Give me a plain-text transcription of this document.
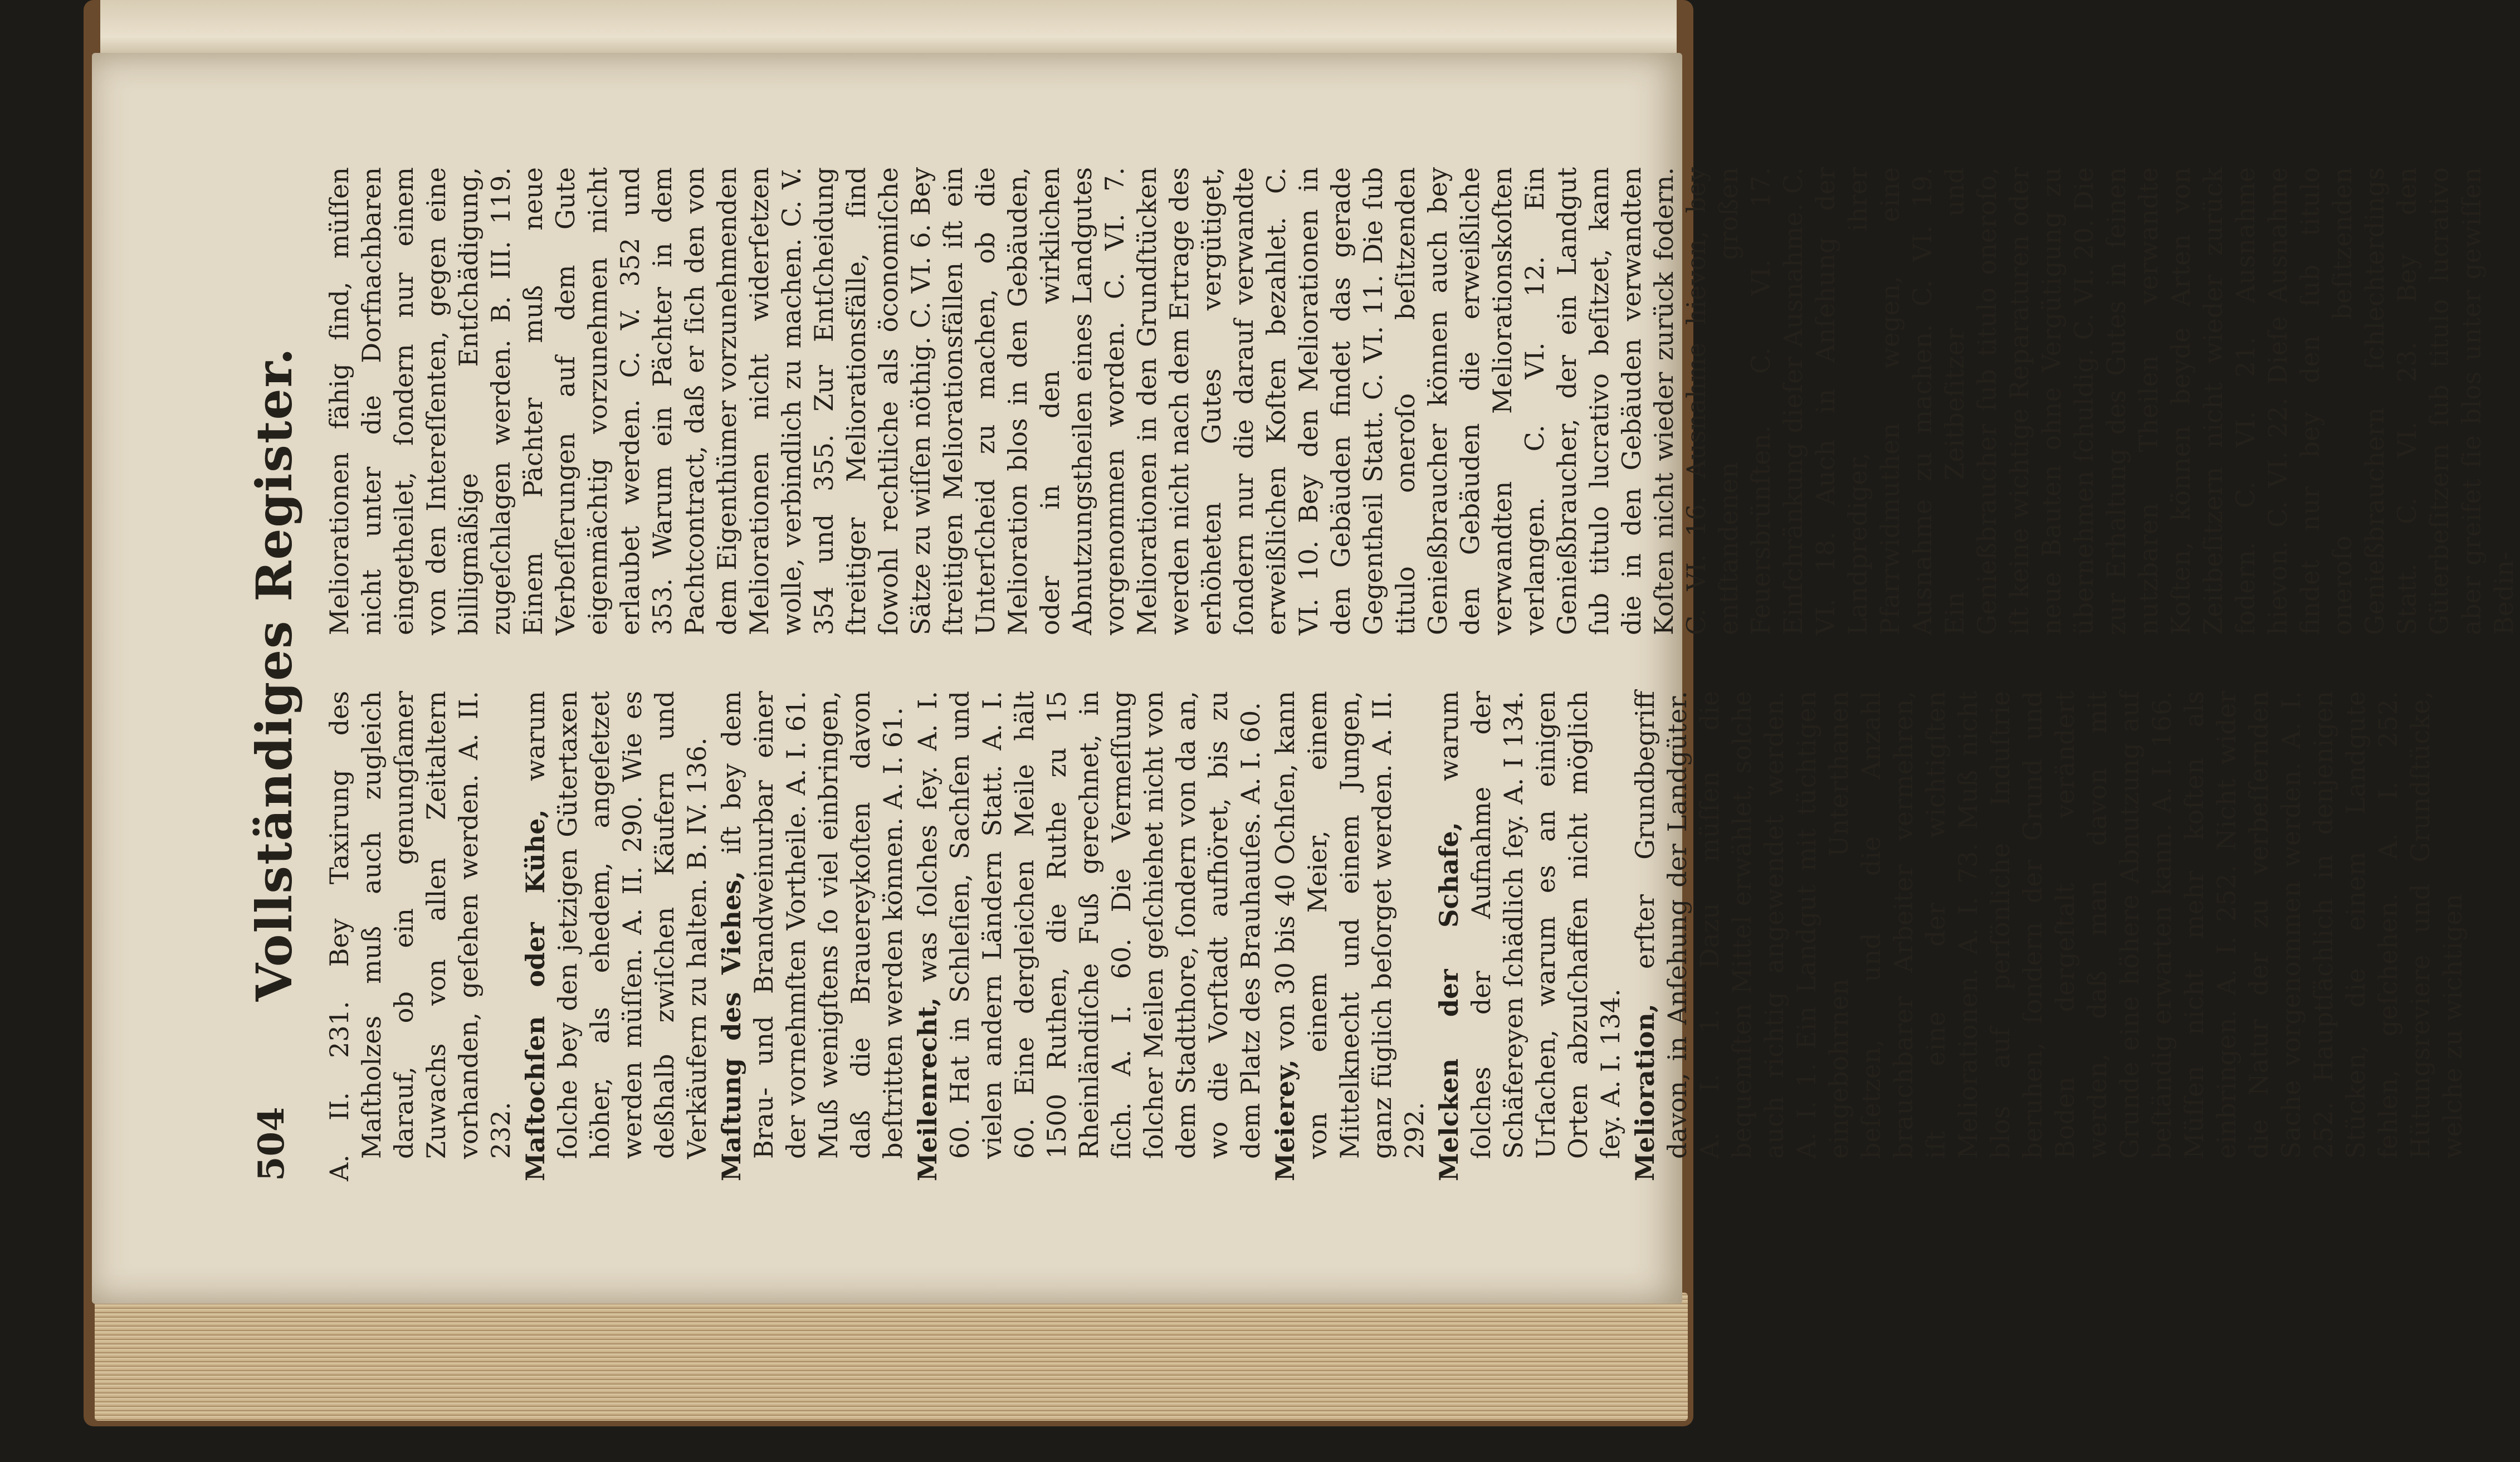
504
Vollständiges Register. A. II. 231. Bey Taxirung des Maſtholzes muß auch zugleich darauf, ob ein genungſamer Zuwachs von allen Zeitaltern vorhanden, geſehen werden. A. II. 232. Maſtochſen oder Kühe, warum ſolche bey den jetzigen Gütertaxen höher, als ehedem, angeſetzet werden müſſen. A. II. 290. Wie es deßhalb zwiſchen Käufern und Verkäufern zu halten. B. IV. 136. Maſtung des Viehes, iſt bey dem Brau- und Brandweinurbar einer der vornehmſten Vortheile. A. I. 61. Muß wenigſtens ſo viel einbringen, daß die Brauereykoſten davon beſtritten werden können. A. I. 61. Meilenrecht, was ſolches ſey. A. I. 60. Hat in Schleſien, Sachſen und vielen andern Ländern Statt. A. I. 60. Eine dergleichen Meile hält 1500 Ruthen, die Ruthe zu 15 Rheinländiſche Fuß gerechnet, in ſich. A. I. 60. Die Vermeſſung ſolcher Meilen geſchiehet nicht von dem Stadtthore, ſondern von da an, wo die Vorſtadt aufhöret, bis zu dem Platz des Brauhauſes. A. I. 60. Meierey, von 30 bis 40 Ochſen, kann von einem Meier, einem Mittelknecht und einem Jungen, ganz füglich beſorget werden. A. II. 292. Melcken der Schafe, warum ſolches der Aufnahme der Schäfereyen ſchädlich ſey. A. I 134. Urſachen, warum es an einigen Orten abzuſchaffen nicht möglich ſey. A. I. 134. Melioration, erſter Grundbegriff davon, in Anſehung der Landgüter. A. I. 1. Dazu müſſen die bequemſten Mittel erwählet, solche auch richtig angewendet werden. A. I. 1. Ein Landgut mit tüchtigen eingebohrnen Unterthanen beſetzen, und die Anzahl brauchbarer Arbeiter vermehren, iſt eine der wichtigſten Meliorationen. A. I. 73. Muß nicht blos auf perſönliche Induſtrie beruhen, ſondern der Grund und Boden dergeſtalt verändert werden, daß man davon mit Grunde eine höhere Abnutzung auf beſtändig erwarten kann. A. I. 166. Müſſen nicht mehr koſten als einbringen. A. I. 252. Nicht wider die Natur der zu verbeſſernden Sache vorgenommen werden. A. I. 252. Hauptſächlich in denjenigen Stücken, die einem Landgute fehlen, geſchehen. A. I. 252. Hütungsreviere und Grundſtücke, welche zu wichtigen

Meliorationen fähig ſind, müſſen nicht unter die Dorfnachbaren eingetheilet, ſondern nur einem von den Intereſſenten, gegen eine billigmäßige Entſchädigung, zugeſchlagen werden. B. III. 119. Einem Pächter muß neue Verbeſſerungen auf dem Gute eigenmächtig vorzunehmen nicht erlaubet werden. C. V. 352 und 353. Warum ein Pächter in dem Pachtcontract, daß er ſich den von dem Eigenthümer vorzunehmenden Meliorationen nicht widerſetzen wolle, verbindlich zu machen. C. V. 354 und 355. Zur Entſcheidung ſtreitiger Meliorationsfälle, ſind ſowohl rechtliche als öconomiſche Sätze zu wiſſen nöthig. C. VI. 6. Bey ſtreitigen Meliorationsfällen iſt ein Unterſcheid zu machen, ob die Melioration blos in den Gebäuden, oder in den wirklichen Abnutzungstheilen eines Landgutes vorgenommen worden. C. VI. 7. Meliorationen in den Grundſtücken werden nicht nach dem Ertrage des erhöheten Gutes vergütiget, ſondern nur die darauf verwandte erweißlichen Koſten bezahlet. C. VI. 10. Bey den Meliorationen in den Gebäuden findet das gerade Gegentheil Statt. C. VI. 11. Die ſub titulo oneroſo beſitzenden Genießbraucher können auch bey den Gebäuden die erweißliche verwandten Meliorationskoſten verlangen. C. VI. 12. Ein Genießbraucher, der ein Landgut ſub titulo lucrativo beſitzet, kann die in den Gebäuden verwandten Koſten nicht wieder zurück fodern. C. VI. 16. Ausnahme hievon, bey entſtandenen großen Feuersbrünſten. C. VI. 17. Einſchränkung dieſer Ausnahme. C. VI. 18. Auch in Anſehung der Landprediger, ihrer Pfarrwidmuthen wegen, eine Ausnahme zu machen. C. VI. 19. Ein Zeitbeſitzer und Genießbraucher ſub titulo oneroſo, iſt keine wichtige Reparaturen oder neue Bauten ohne Vergütigung zu übernehmen ſchuldig. C. VI. 20. Die zur Erhaltung des Gutes in ſeinen nutzbaren Theilen verwandte Koſten, können beyde Arten von Zeitbeſitzern nicht wieder zurück fodern. C. VI. 21. Ausnahme hievon. C. VI. 22. Dieſe Ausnahme findet nur bey den ſub titulo oneroſo beſitzenden Genießbrauchern ſchlechterdings Statt. C. VI. 23. Bey den Güterbeſitzern ſub titulo lucrativo aber greifet ſie blos unter gewiſſen Bedin-
